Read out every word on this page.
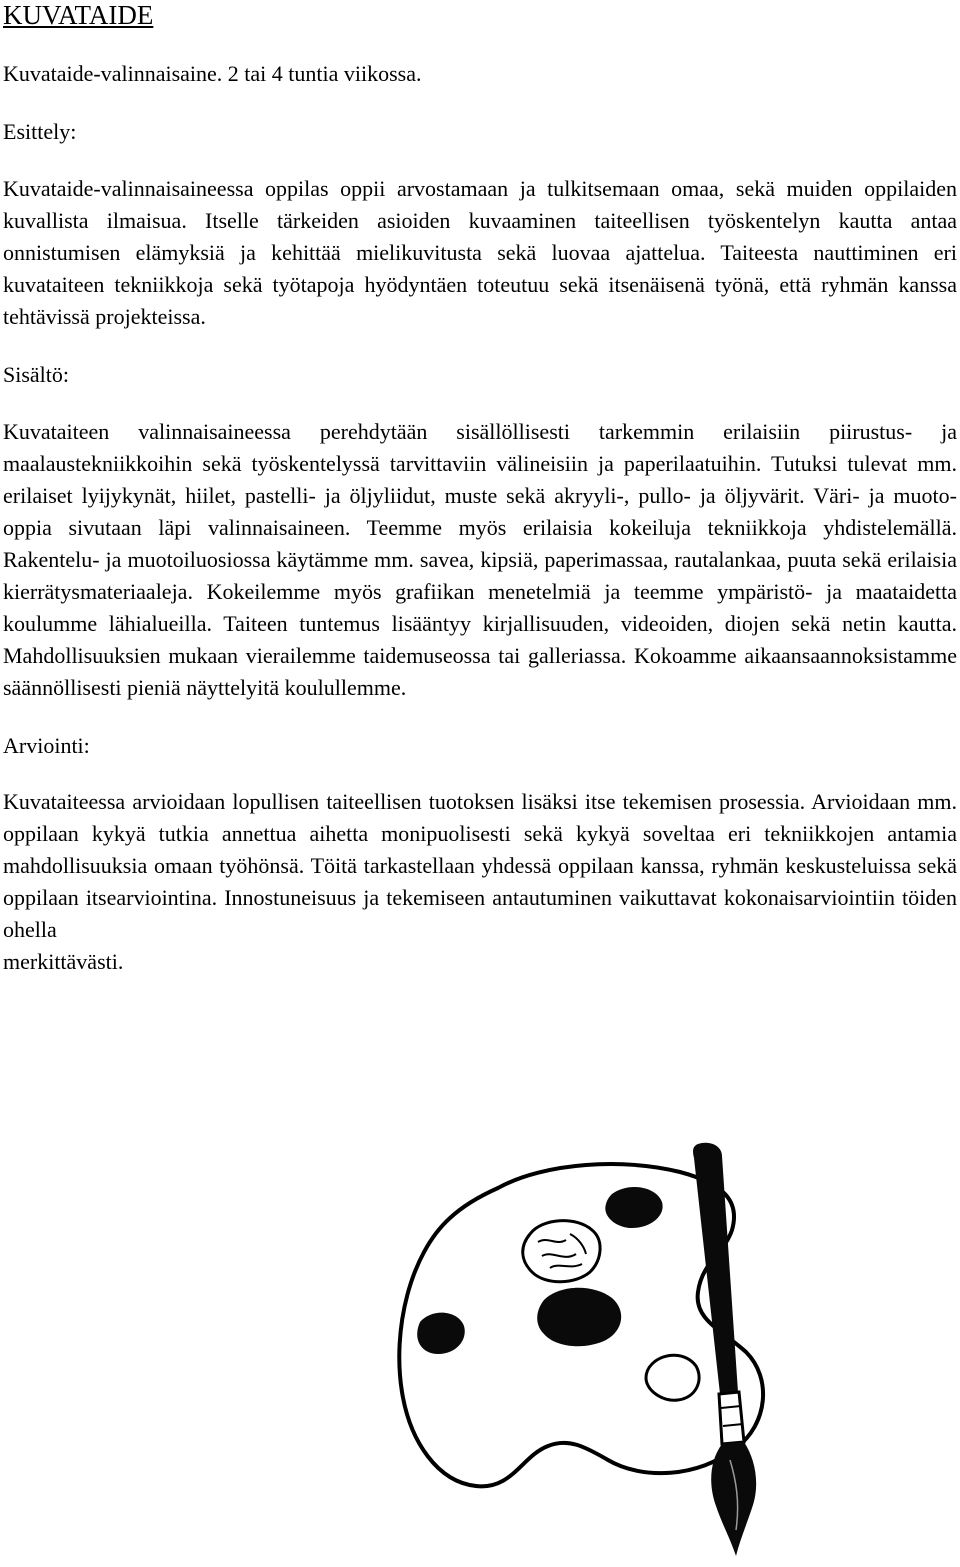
KUVATAIDE

Kuvataide-valinnaisaine. 2 tai 4 tuntia viikossa.

Esittely:

Kuvataide-valinnaisaineessa oppilas oppii arvostamaan ja tulkitsemaan omaa, sekä muiden oppilaiden kuvallista ilmaisua. Itselle tärkeiden asioiden kuvaaminen taiteellisen työskentelyn kautta antaa onnistumisen elämyksiä ja kehittää mielikuvitusta sekä luovaa ajattelua. Taiteesta nauttiminen eri kuvataiteen tekniikkoja sekä työtapoja hyödyntäen toteutuu sekä itsenäisenä työnä, että ryhmän kanssa tehtävissä projekteissa.

Sisältö:

Kuvataiteen valinnaisaineessa perehdytään sisällöllisesti tarkemmin erilaisiin piirustus- ja maalaustekniikkoihin sekä työskentelyssä tarvittaviin välineisiin ja paperilaatuihin. Tutuksi tulevat mm. erilaiset lyijykynät, hiilet, pastelli- ja öljyliidut, muste sekä akryyli-, pullo- ja öljyvärit. Väri- ja muoto-oppia sivutaan läpi valinnaisaineen. Teemme myös erilaisia kokeiluja tekniikkoja yhdistelemällä. Rakentelu- ja muotoiluosiossa käytämme mm. savea, kipsiä, paperimassaa, rautalankaa, puuta sekä erilaisia kierrätysmateriaaleja. Kokeilemme myös grafiikan menetelmiä ja teemme ympäristö- ja maataidetta koulumme lähialueilla. Taiteen tuntemus lisääntyy kirjallisuuden, videoiden, diojen sekä netin kautta. Mahdollisuuksien mukaan vierailemme taidemuseossa tai galleriassa. Kokoamme aikaansaannoksistamme säännöllisesti pieniä näyttelyitä koulullemme.

Arviointi:

Kuvataiteessa arvioidaan lopullisen taiteellisen tuotoksen lisäksi itse tekemisen prosessia. Arvioidaan mm. oppilaan kykyä tutkia annettua aihetta monipuolisesti sekä kykyä soveltaa eri tekniikkojen antamia mahdollisuuksia omaan työhönsä. Töitä tarkastellaan yhdessä oppilaan kanssa, ryhmän keskusteluissa sekä oppilaan itsearviointina. Innostuneisuus ja tekemiseen antautuminen vaikuttavat kokonaisarviointiin töiden ohella

merkittävästi.
